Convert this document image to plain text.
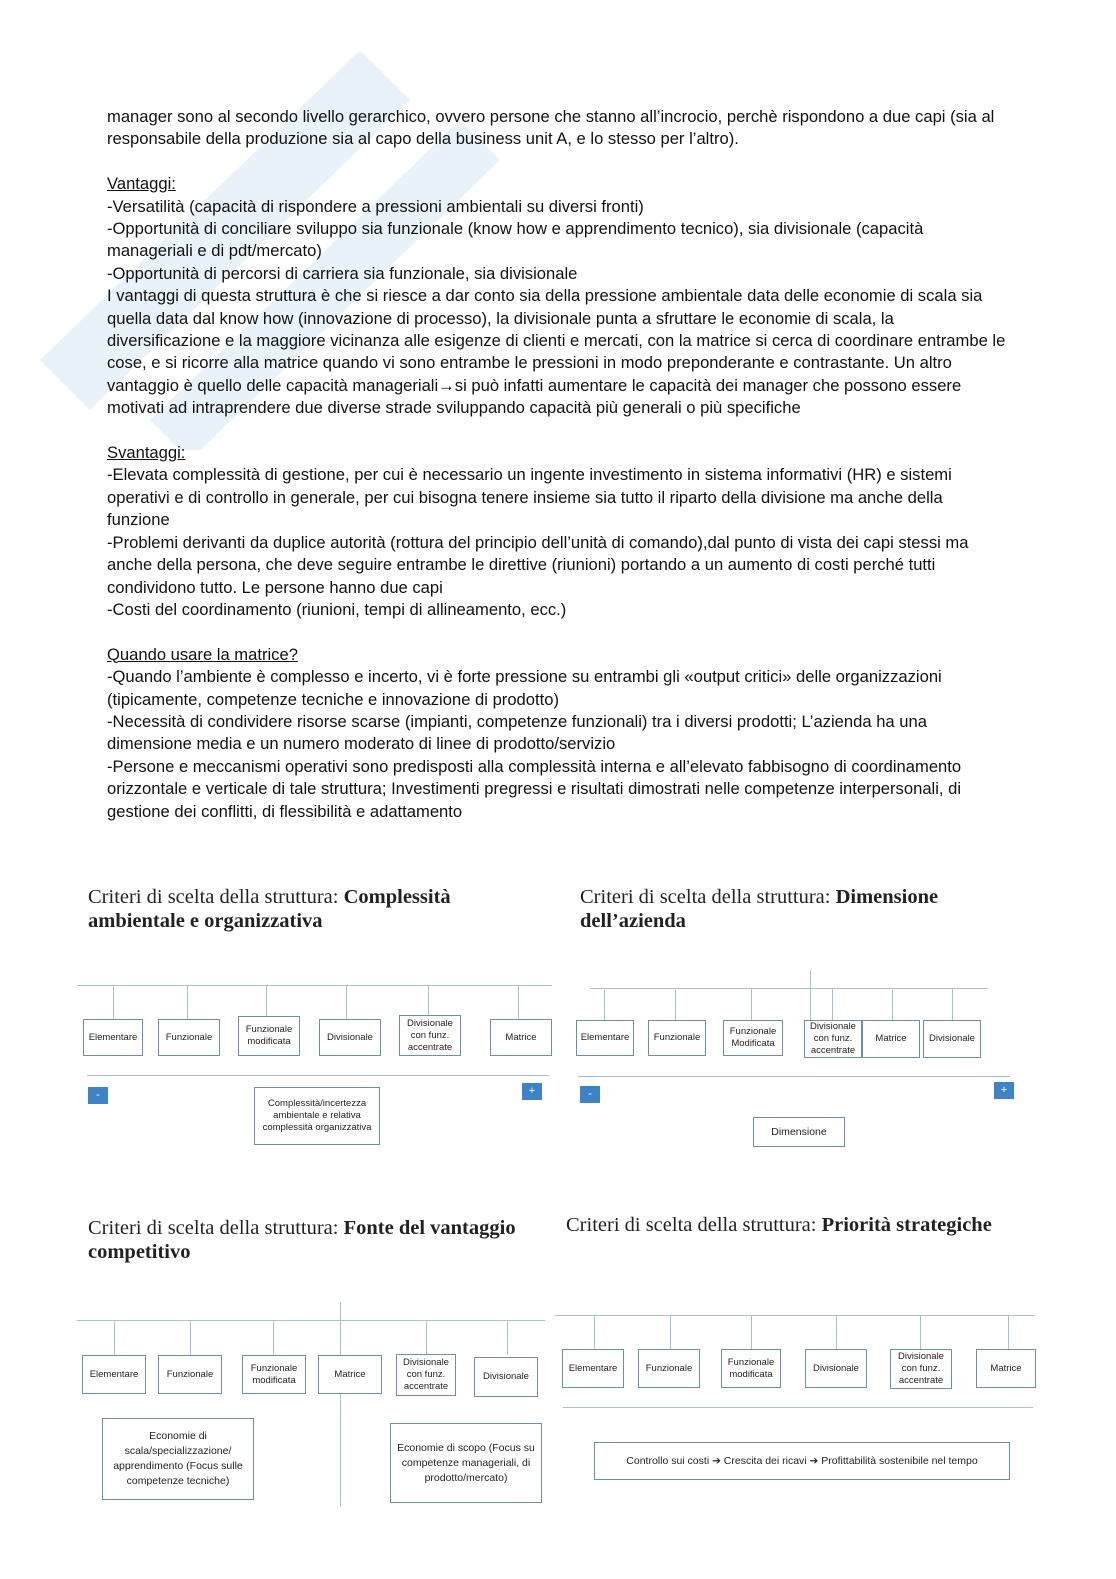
manager sono al secondo livello gerarchico, ovvero persone che stanno all’incrocio, perchè rispondono a due capi (sia al responsabile della produzione sia al capo della business unit A, e lo stesso per l’altro).

Vantaggi:

-Versatilità (capacità di rispondere a pressioni ambientali su diversi fronti)

-Opportunità di conciliare sviluppo sia funzionale (know how e apprendimento tecnico), sia divisionale (capacità manageriali e di pdt/mercato)

-Opportunità di percorsi di carriera sia funzionale, sia divisionale

I vantaggi di questa struttura è che si riesce a dar conto sia della pressione ambientale data delle economie di scala sia quella data dal know how (innovazione di processo), la divisionale punta a sfruttare le economie di scala, la diversificazione e la maggiore vicinanza alle esigenze di clienti e mercati, con la matrice si cerca di coordinare entrambe le cose, e si ricorre alla matrice quando vi sono entrambe le pressioni in modo preponderante e contrastante. Un altro vantaggio è quello delle capacità manageriali→si può infatti aumentare le capacità dei manager che possono essere motivati ad intraprendere due diverse strade sviluppando capacità più generali o più specifiche

Svantaggi:

-Elevata complessità di gestione, per cui è necessario un ingente investimento in sistema informativi (HR) e sistemi operativi e di controllo in generale, per cui bisogna tenere insieme sia tutto il riparto della divisione ma anche della funzione

-Problemi derivanti da duplice autorità (rottura del principio dell’unità di comando),dal punto di vista dei capi stessi ma anche della persona, che deve seguire entrambe le direttive (riunioni) portando a un aumento di costi perché tutti condividono tutto. Le persone hanno due capi

-Costi del coordinamento (riunioni, tempi di allineamento, ecc.)

Quando usare la matrice?

-Quando l’ambiente è complesso e incerto, vi è forte pressione su entrambi gli «output critici» delle organizzazioni (tipicamente, competenze tecniche e innovazione di prodotto)

-Necessità di condividere risorse scarse (impianti, competenze funzionali) tra i diversi prodotti; L’azienda ha una dimensione media e un numero moderato di linee di prodotto/servizio

-Persone e meccanismi operativi sono predisposti alla complessità interna e all’elevato fabbisogno di coordinamento orizzontale e verticale di tale struttura; Investimenti pregressi e risultati dimostrati nelle competenze interpersonali, di gestione dei conflitti, di flessibilità e adattamento

Criteri di scelta della struttura: Complessità ambientale e organizzativa
Elementare	Funzionale
Funzionale modificata	Divisionale
Divisionale con funz. accentrate
Matrice
-	+
Complessità/incertezza ambientale e relativa complessità organizzativa
Criteri di scelta della struttura: Dimensione dell’azienda
Elementare	Funzionale
Funzionale Modificata
Divisionale con funz. accentrate
Matrice	Divisionale
-	+
Dimensione
Criteri di scelta della struttura: Fonte del vantaggio competitivo
Elementare	Funzionale
Funzionale modificata
Matrice
Divisionale con funz. accentrate
Divisionale
Economie di scala/specializzazione/ apprendimento (Focus sulle competenze tecniche)
Economie di scopo (Focus su competenze manageriali, di prodotto/mercato)
Criteri di scelta della struttura: Priorità strategiche
Elementare	Funzionale
Funzionale modificata
Divisionale
Divisionale con funz. accentrate
Matrice
Controllo sui costi ➔ Crescita dei ricavi ➔ Profittabilità sostenibile nel tempo
